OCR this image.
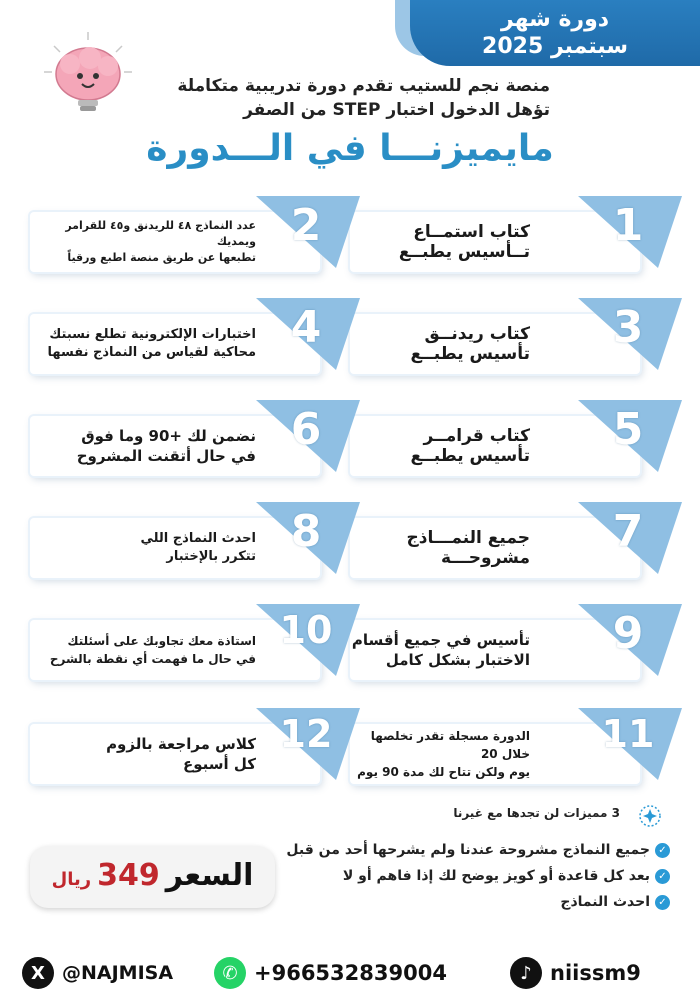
دورة شهر
سبتمبر 2025
منصة نجم للستيب تقدم دورة تدريبية متكاملة
تؤهل الدخول اختبار STEP من الصفر
مايميزنـــا في الـــدورة
كتاب استمــاع
تــأسيس يطبــع
1
عدد النماذج ٤٨ للريدنق و٤٥ للقرامر ويمديك
تطبعها عن طريق منصة اطبع ورقياً
2
كتاب ريدنــق
تأسيس يطبــع
3
اختبارات الإلكترونية تطلع نسبتك
محاكية لقياس من النماذج نفسها 4
كتاب قرامــر
تأسيس يطبــع
5
نضمن لك +90 وما فوق
في حال أتقنت المشروح
6
جميع النمـــاذج
مشروحـــة
7
احدث النماذج اللي
تتكرر بالإختبار 8
تأسيس في جميع أقسام
الاختبار بشكل كامل
9
استاذة معك تجاوبك على أسئلتك
في حال ما فهمت أي نقطة بالشرح
10
الدورة مسجلة تقدر تخلصها خلال 20
يوم ولكن تتاح لك مدة 90 يوم
11
كلاس مراجعة بالزوم
كل أسبوع
12
3 مميزات لن تجدها مع غيرنا
✓جميع النماذج مشروحة عندنا ولم يشرحها أحد من قبل
✓بعد كل قاعدة أو كويز يوضح لك إذا فاهم أو لا
✓احدث النماذج
السعر
349
ريال
X @NAJMISA	✆ +966532839004	♪ niissm9
